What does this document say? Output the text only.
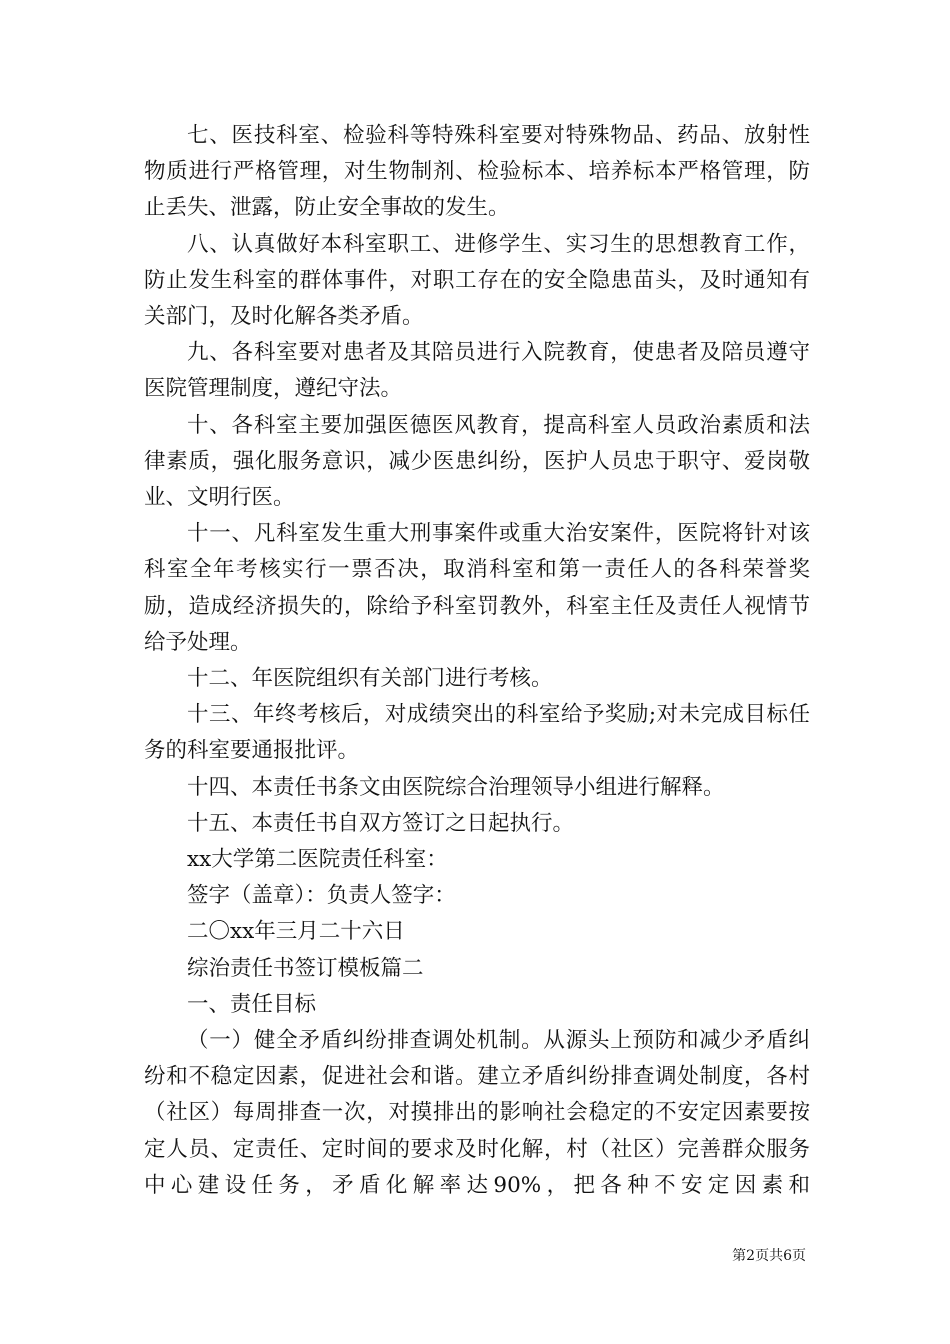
七、医技科室、检验科等特殊科室要对特殊物品、药品、放射性物质进行严格管理，对生物制剂、检验标本、培养标本严格管理，防止丢失、泄露，防止安全事故的发生。

八、认真做好本科室职工、进修学生、实习生的思想教育工作，防止发生科室的群体事件，对职工存在的安全隐患苗头，及时通知有关部门，及时化解各类矛盾。

九、各科室要对患者及其陪员进行入院教育，使患者及陪员遵守医院管理制度，遵纪守法。

十、各科室主要加强医德医风教育，提高科室人员政治素质和法律素质，强化服务意识，减少医患纠纷，医护人员忠于职守、爱岗敬业、文明行医。

十一、凡科室发生重大刑事案件或重大治安案件，医院将针对该科室全年考核实行一票否决，取消科室和第一责任人的各科荣誉奖励，造成经济损失的，除给予科室罚教外，科室主任及责任人视情节给予处理。

十二、年医院组织有关部门进行考核。

十三、年终考核后，对成绩突出的科室给予奖励;对未完成目标任务的科室要通报批评。

十四、本责任书条文由医院综合治理领导小组进行解释。

十五、本责任书自双方签订之日起执行。

xx大学第二医院责任科室：

签字（盖章）：负责人签字：

二〇xx年三月二十六日

综治责任书签订模板篇二

一、责任目标

（一）健全矛盾纠纷排查调处机制。从源头上预防和减少矛盾纠纷和不稳定因素，促进社会和谐。建立矛盾纠纷排查调处制度，各村（社区）每周排查一次，对摸排出的影响社会稳定的不安定因素要按定人员、定责任、定时间的要求及时化解，村（社区）完善群众服务中心建设任务，矛盾化解率达90%，把各种不安定因素和

第2页共6页
